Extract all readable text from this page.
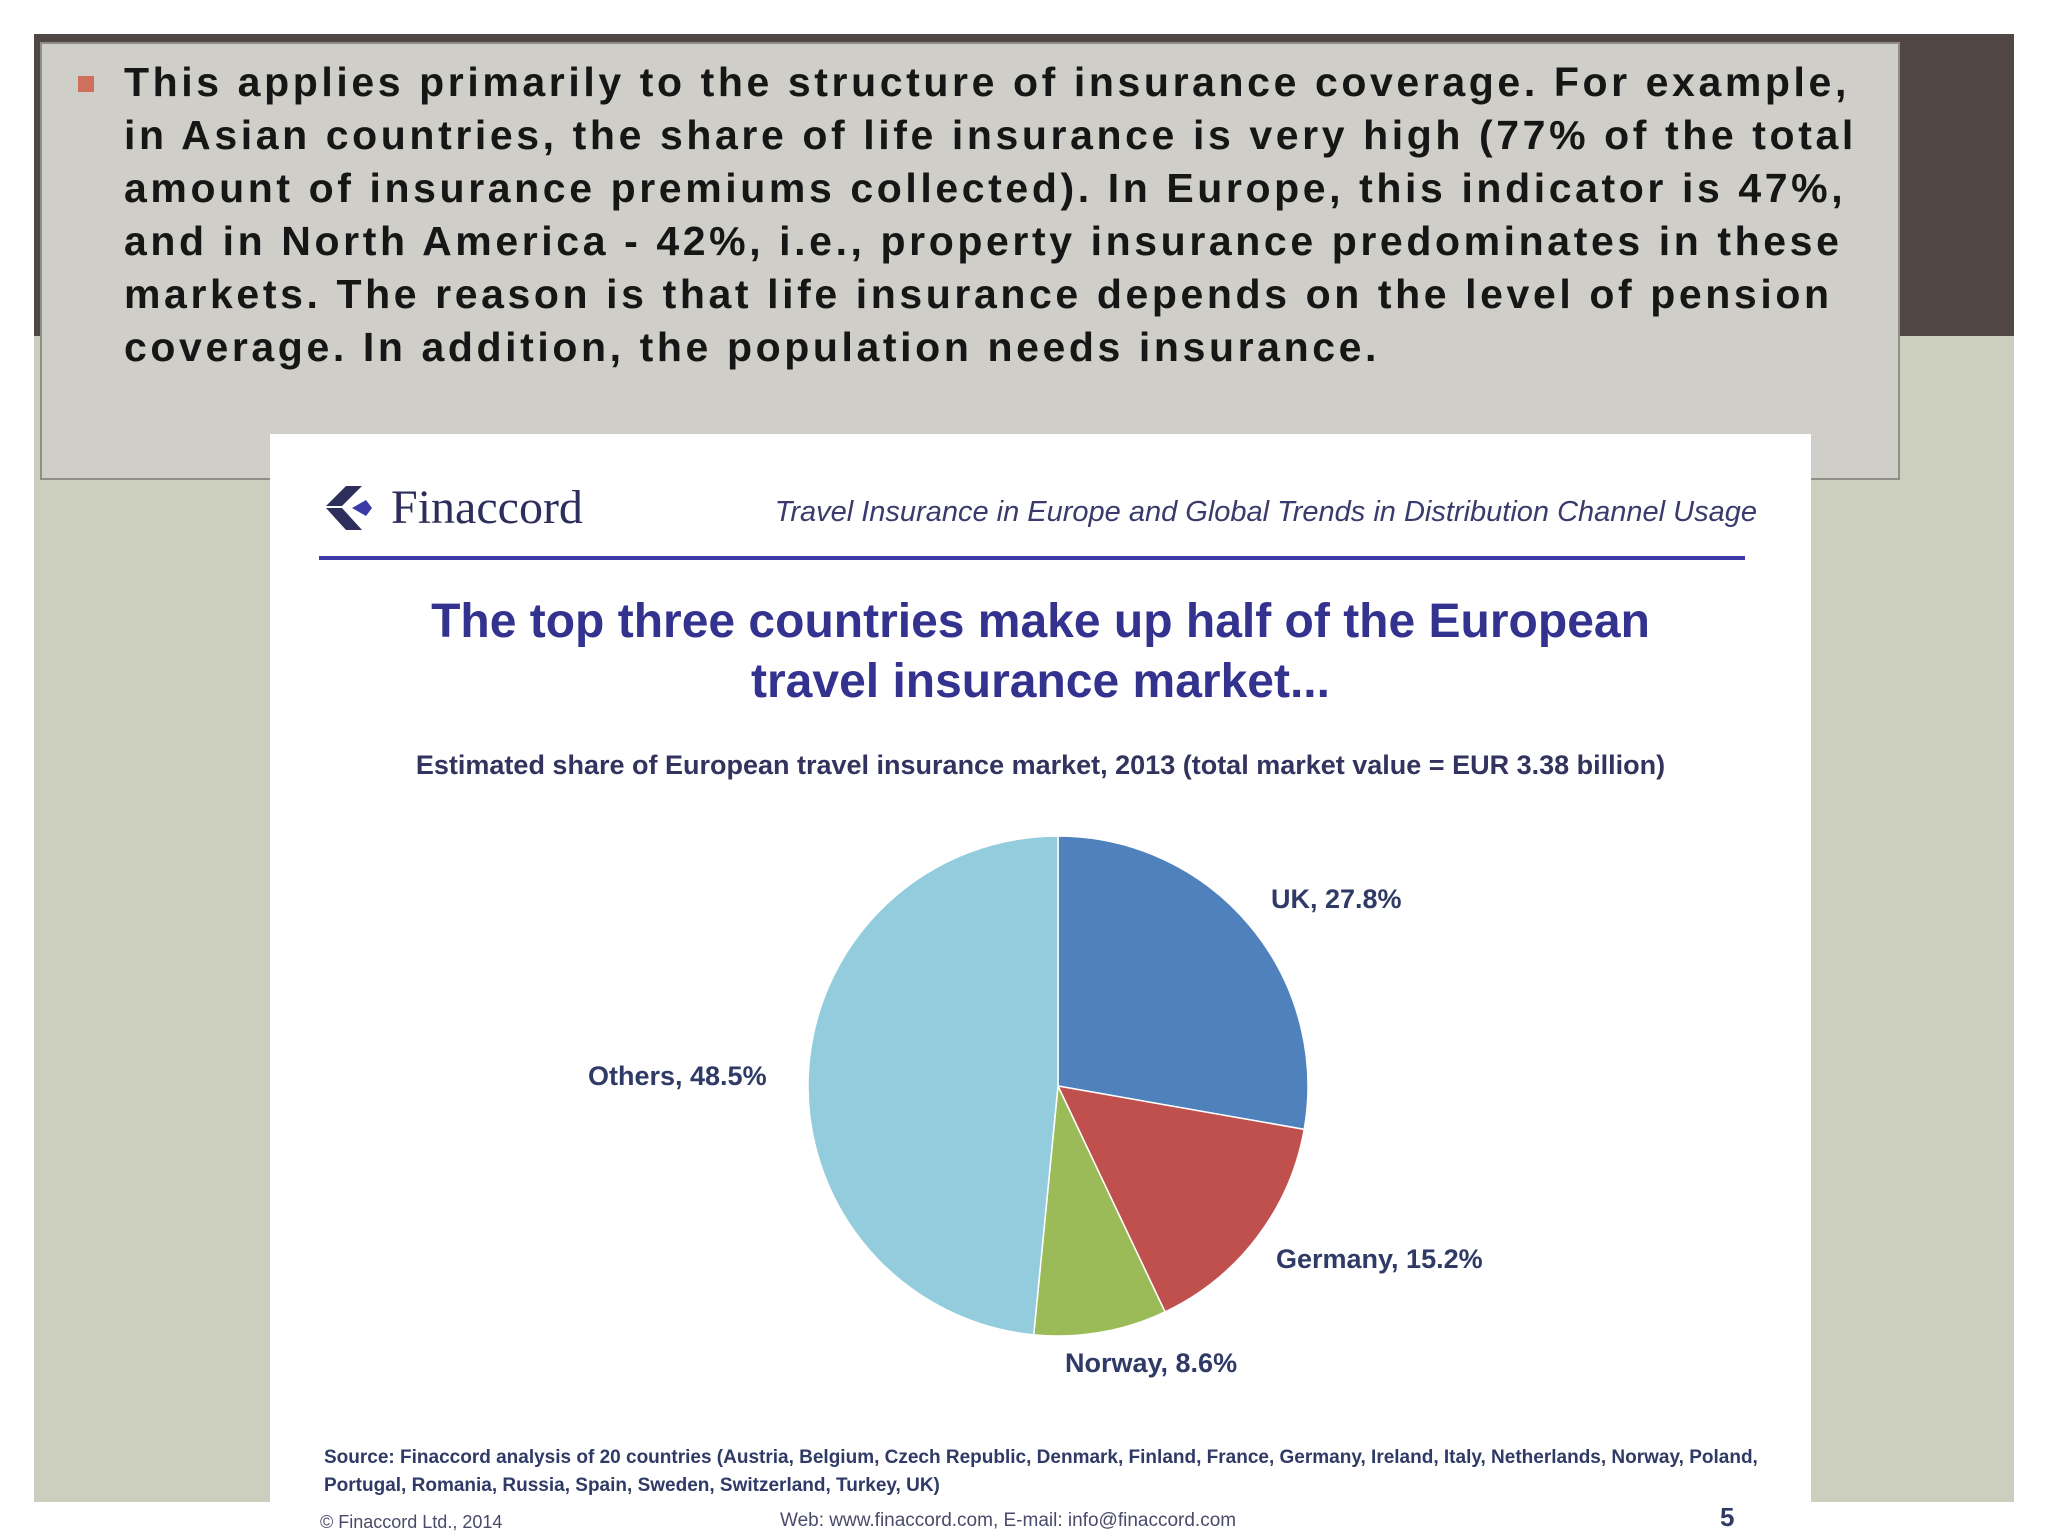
This applies primarily to the structure of insurance coverage. For example, in Asian countries, the share of life insurance is very high (77% of the total amount of insurance premiums collected). In Europe, this indicator is 47%, and in North America - 42%, i.e., property insurance predominates in these markets. The reason is that life insurance depends on the level of pension coverage. In addition, the population needs insurance.

Finaccord	Travel Insurance in Europe and Global Trends in Distribution Channel Usage
The top three countries make up half of the European
travel insurance market...
Estimated share of European travel insurance market, 2013 (total market value = EUR 3.38 billion)
UK, 27.8%
Germany, 15.2%
Norway, 8.6%
Others, 48.5%
Source: Finaccord analysis of 20 countries (Austria, Belgium, Czech Republic, Denmark, Finland, France, Germany, Ireland, Italy, Netherlands, Norway, Poland, Portugal, Romania, Russia, Spain, Sweden, Switzerland, Turkey, UK)
© Finaccord Ltd., 2014	Web: www.finaccord.com, E-mail: info@finaccord.com	5
